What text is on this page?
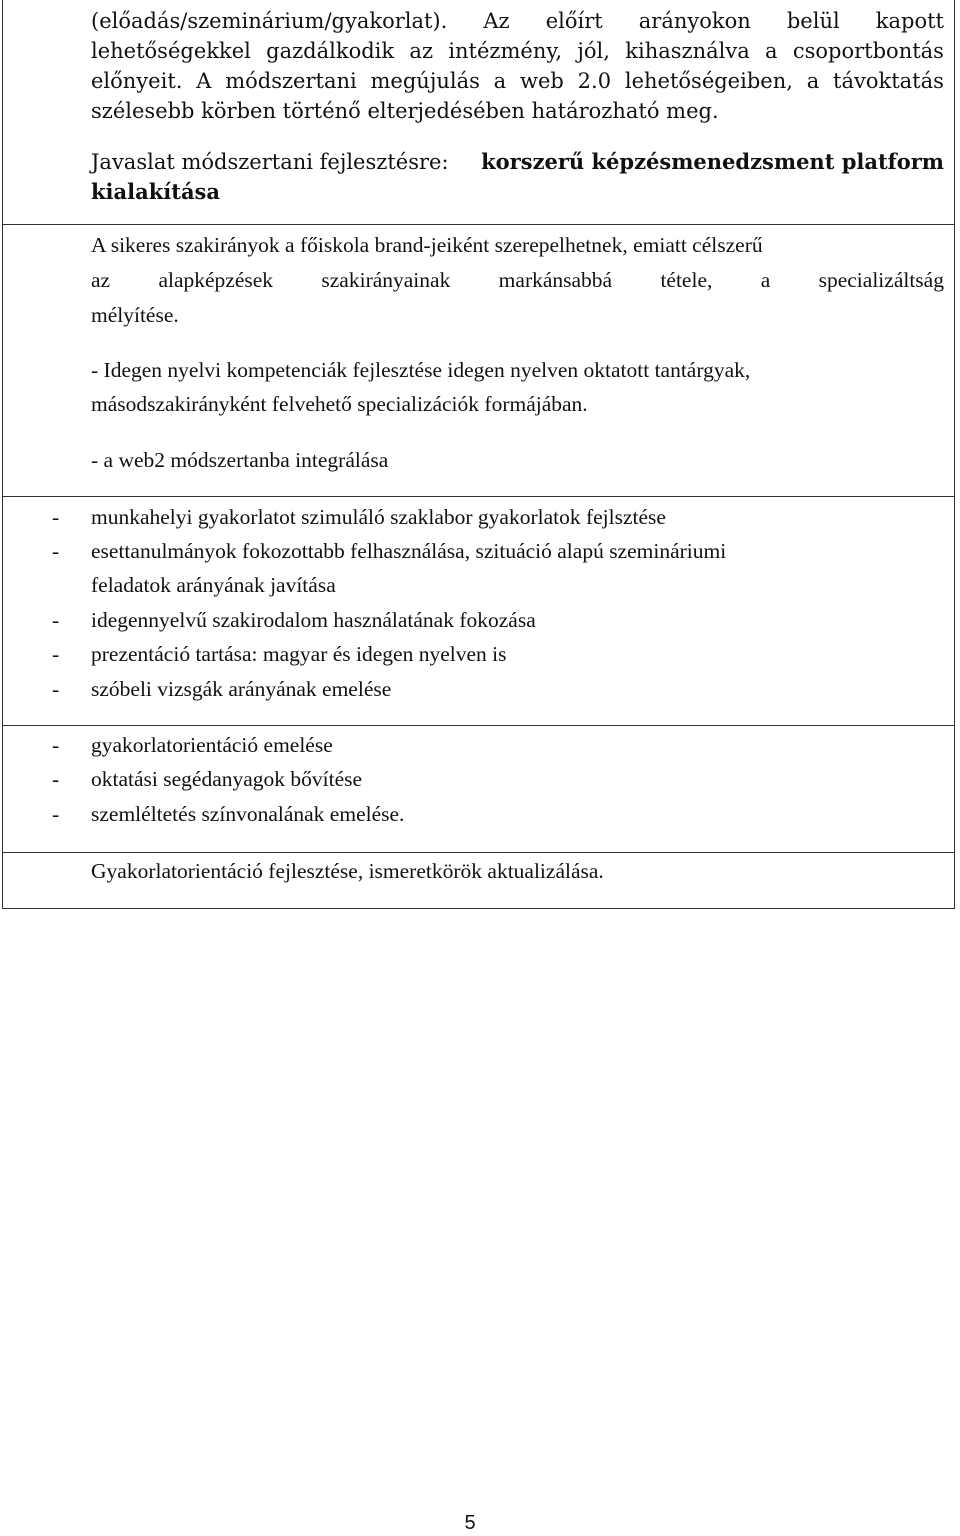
(előadás/szeminárium/gyakorlat). Az előírt arányokon belül kapott
lehetőségekkel gazdálkodik az intézmény, jól, kihasználva a csoportbontás
előnyeit. A módszertani megújulás a web 2.0 lehetőségeiben, a távoktatás
szélesebb körben történő elterjedésében határozható meg.
Javaslat módszertani fejlesztésre: korszerű képzésmenedzsment platform
kialakítása
A sikeres szakirányok a főiskola brand-jeiként szerepelhetnek, emiatt célszerű
az alapképzések szakirányainak markánsabbá tétele, a specializáltság
mélyítése.
- Idegen nyelvi kompetenciák fejlesztése idegen nyelven oktatott tantárgyak,
másodszakirányként felvehető specializációk formájában.
- a web2 módszertanba integrálása
- munkahelyi gyakorlatot szimuláló szaklabor gyakorlatok fejlsztése
- esettanulmányok fokozottabb felhasználása, szituáció alapú szemináriumi
feladatok arányának javítása
- idegennyelvű szakirodalom használatának fokozása
- prezentáció tartása: magyar és idegen nyelven is
- szóbeli vizsgák arányának emelése
- gyakorlatorientáció emelése
- oktatási segédanyagok bővítése
- szemléltetés színvonalának emelése.
Gyakorlatorientáció fejlesztése, ismeretkörök aktualizálása.
5
